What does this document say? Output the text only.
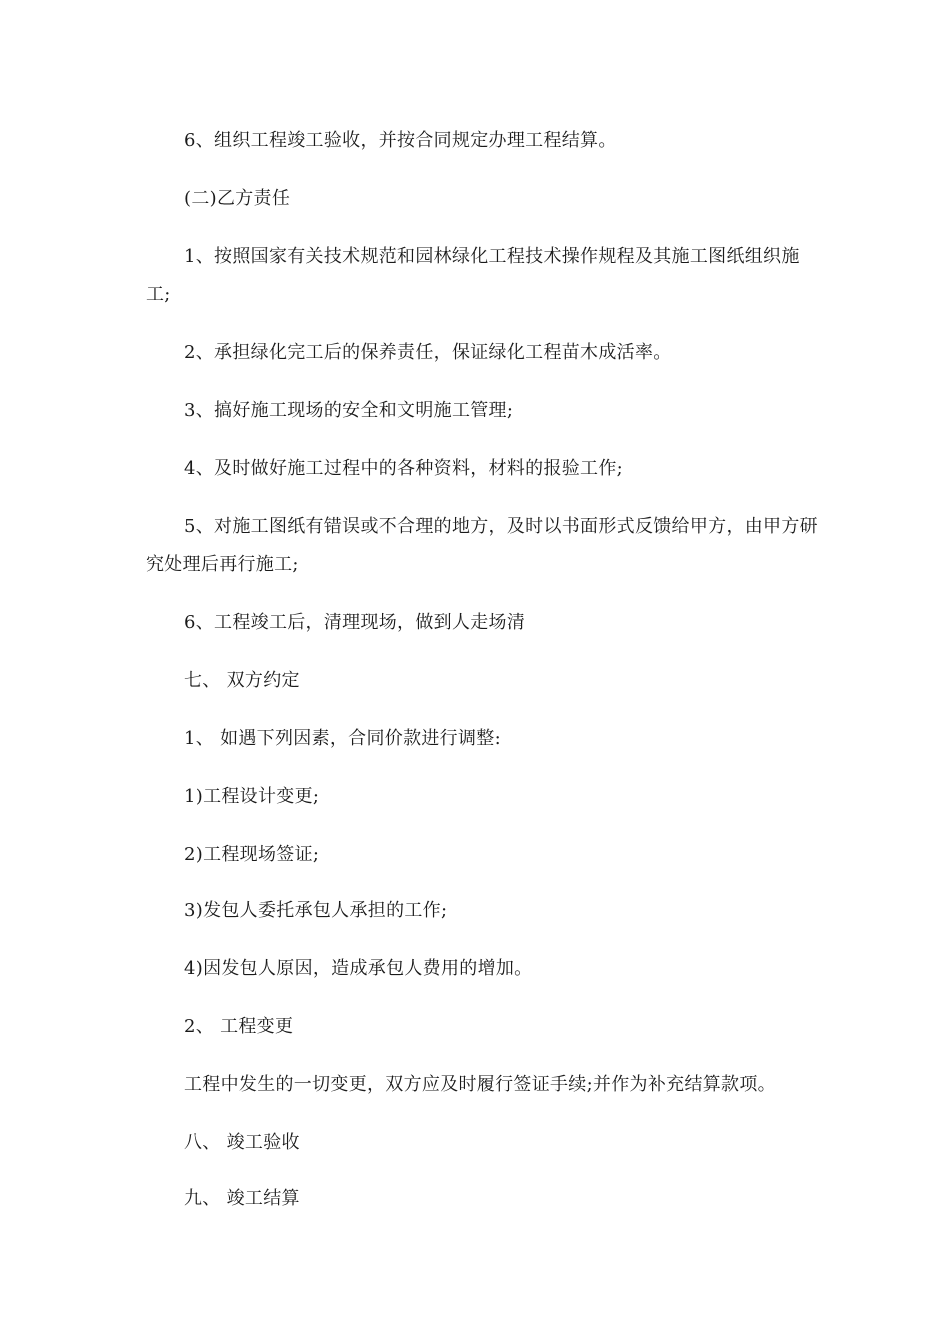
6、组织工程竣工验收，并按合同规定办理工程结算。

(二)乙方责任

1、按照国家有关技术规范和园林绿化工程技术操作规程及其施工图纸组织施工;

2、承担绿化完工后的保养责任，保证绿化工程苗木成活率。

3、搞好施工现场的安全和文明施工管理;

4、及时做好施工过程中的各种资料，材料的报验工作;

5、对施工图纸有错误或不合理的地方，及时以书面形式反馈给甲方，由甲方研究处理后再行施工;

6、工程竣工后，清理现场，做到人走场清

七、 双方约定

1、 如遇下列因素，合同价款进行调整:

1)工程设计变更;

2)工程现场签证;

3)发包人委托承包人承担的工作;

4)因发包人原因，造成承包人费用的增加。

2、 工程变更

工程中发生的一切变更，双方应及时履行签证手续;并作为补充结算款项。

八、 竣工验收

九、 竣工结算
